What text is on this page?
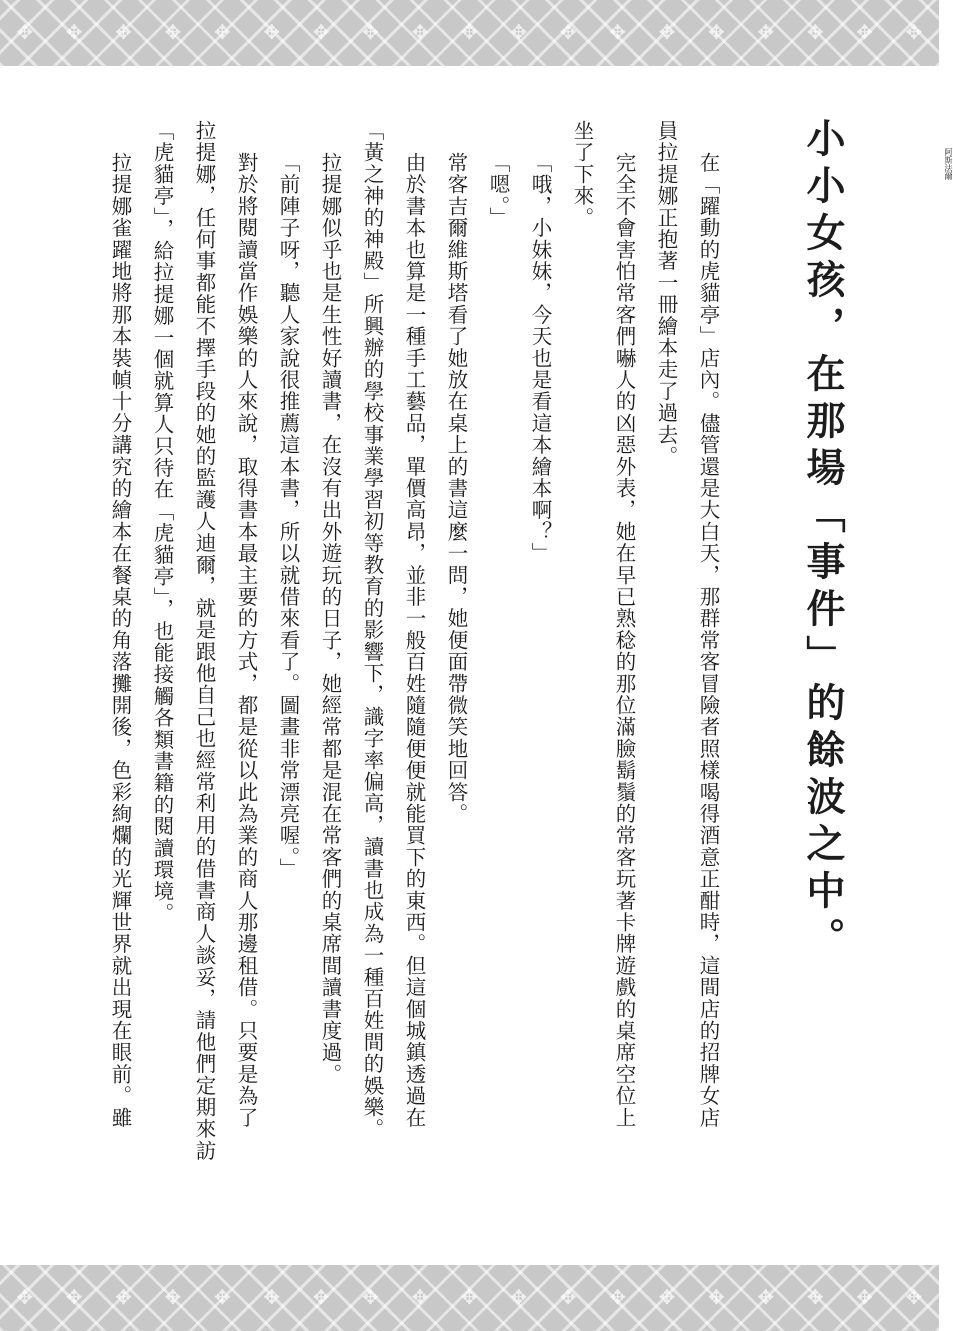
✥ ✥ ✥ ✥ ✥ ✥ ✥ ✥ ✥ ✥ ✥ ✥ ✥ ✥ ✥ ✥ ✥ ✥ ✥
小小女孩，在那場「事件」的餘波之中。

在「躍動的虎貓亭」店內。儘管還是大白天，那群常客冒險者照樣喝得酒意正酣時，這間店的招牌女店

員拉提娜正抱著一冊繪本走了過去。

完全不會害怕常客們嚇人的凶惡外表，她在早已熟稔的那位滿臉鬍鬚的常客玩著卡牌遊戲的桌席空位上

坐了下來。

「哦，小妹妹，今天也是看這本繪本啊？」

「嗯。」

常客吉爾維斯塔看了她放在桌上的書這麼一問，她便面帶微笑地回答。

由於書本也算是一種手工藝品，單價高昂，並非一般百姓隨隨便便就能買下的東西。但這個城鎮透過在

「黃之神的神殿」所興辦的學校事業學習初等教育的影響下，識字率偏高，讀書也成為一種百姓間的娛樂。

拉提娜似乎也是生性好讀書，在沒有出外遊玩的日子，她經常都是混在常客們的桌席間讀書度過。

「前陣子呀，聽人家說很推薦這本書，所以就借來看了。圖畫非常漂亮喔。」

對於將閱讀當作娛樂的人來說，取得書本最主要的方式，都是從以此為業的商人那邊租借。只要是為了

拉提娜，任何事都能不擇手段的她的監護人迪爾，就是跟他自己也經常利用的借書商人談妥，請他們定期來訪

「虎貓亭」，給拉提娜一個就算人只待在「虎貓亭」，也能接觸各類書籍的閱讀環境。

拉提娜雀躍地將那本裝幀十分講究的繪本在餐桌的角落攤開後，色彩絢爛的光輝世界就出現在眼前。雖	阿斯法爾
✥ ✥ ✥ ✥ ✥ ✥ ✥ ✥ ✥ ✥ ✥ ✥ ✥ ✥ ✥ ✥ ✥ ✥ ✥
